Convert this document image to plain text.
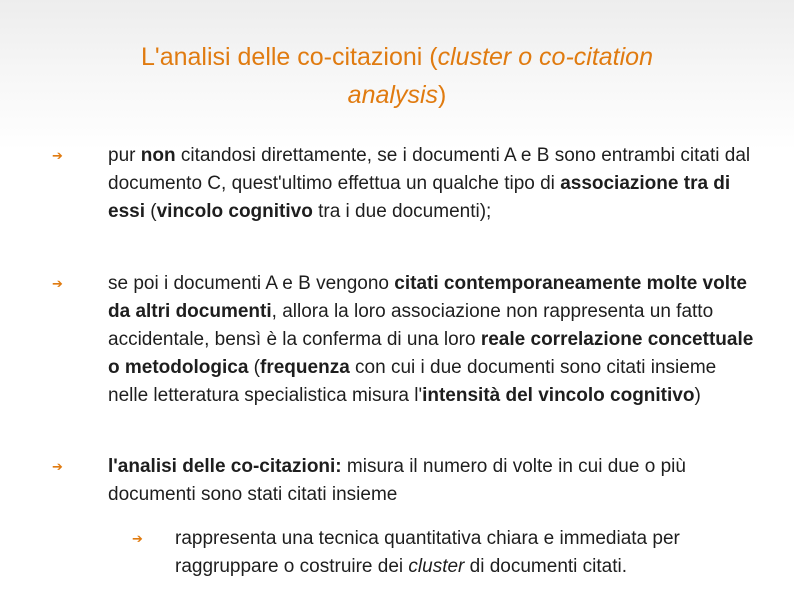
L'analisi delle co-citazioni (cluster o co-citation
analysis)
➔ pur non citandosi direttamente, se i documenti A e B sono entrambi citati dal documento C, quest'ultimo effettua un qualche tipo di associazione tra di essi (vincolo cognitivo tra i due documenti);
➔ se poi i documenti A e B vengono citati contemporaneamente molte volte da altri documenti, allora la loro associazione non rappresenta un fatto accidentale, bensì è la conferma di una loro reale correlazione concettuale o metodologica (frequenza con cui i due documenti sono citati insieme nelle letteratura specialistica misura l'intensità del vincolo cognitivo)
➔ l'analisi delle co-citazioni: misura il numero di volte in cui due o più documenti sono stati citati insieme
➔ rappresenta una tecnica quantitativa chiara e immediata per raggruppare o costruire dei cluster di documenti citati.
